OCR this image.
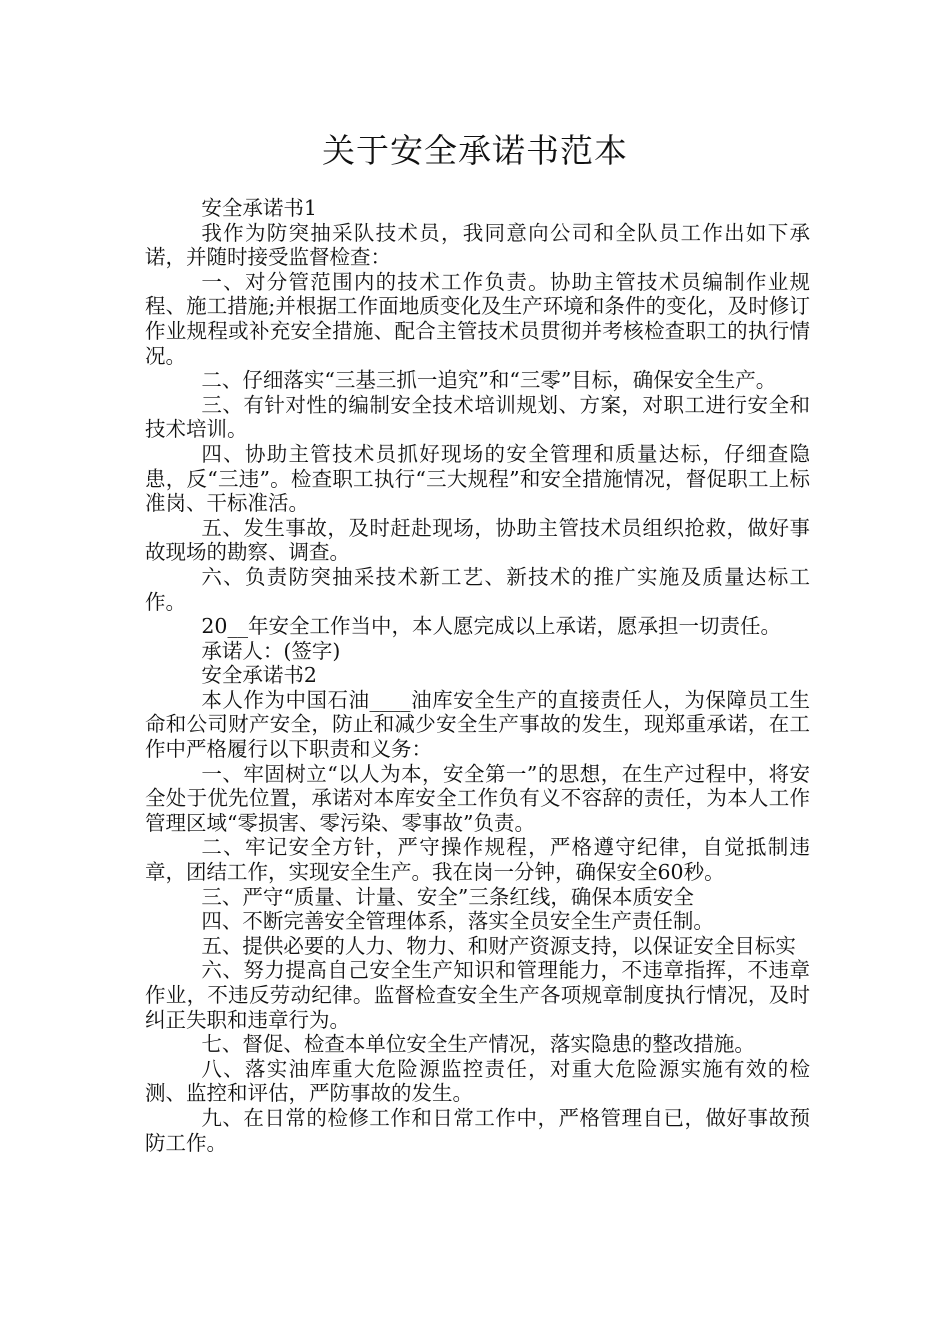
关于安全承诺书范本

安全承诺书1

我作为防突抽采队技术员，我同意向公司和全队员工作出如下承诺，并随时接受监督检查：

一、对分管范围内的技术工作负责。协助主管技术员编制作业规程、施工措施;并根据工作面地质变化及生产环境和条件的变化，及时修订作业规程或补充安全措施、配合主管技术员贯彻并考核检查职工的执行情况。

二、仔细落实“三基三抓一追究”和“三零”目标，确保安全生产。

三、有针对性的编制安全技术培训规划、方案，对职工进行安全和技术培训。

四、协助主管技术员抓好现场的安全管理和质量达标，仔细查隐患，反“三违”。检查职工执行“三大规程”和安全措施情况，督促职工上标准岗、干标准活。

五、发生事故，及时赶赴现场，协助主管技术员组织抢救，做好事故现场的勘察、调查。

六、负责防突抽采技术新工艺、新技术的推广实施及质量达标工作。

20__年安全工作当中，本人愿完成以上承诺，愿承担一切责任。

承诺人：(签字)

安全承诺书2

本人作为中国石油____油库安全生产的直接责任人，为保障员工生命和公司财产安全，防止和减少安全生产事故的发生，现郑重承诺，在工作中严格履行以下职责和义务：

一、牢固树立“以人为本，安全第一”的思想，在生产过程中，将安全处于优先位置，承诺对本库安全工作负有义不容辞的责任，为本人工作管理区域“零损害、零污染、零事故”负责。

二、牢记安全方针，严守操作规程，严格遵守纪律，自觉抵制违章，团结工作，实现安全生产。我在岗一分钟，确保安全60秒。

三、严守“质量、计量、安全”三条红线，确保本质安全

四、不断完善安全管理体系，落实全员安全生产责任制。

五、提供必要的人力、物力、和财产资源支持，以保证安全目标实

六、努力提高自己安全生产知识和管理能力，不违章指挥，不违章作业，不违反劳动纪律。监督检查安全生产各项规章制度执行情况，及时纠正失职和违章行为。

七、督促、检查本单位安全生产情况，落实隐患的整改措施。

八、落实油库重大危险源监控责任，对重大危险源实施有效的检测、监控和评估，严防事故的发生。

九、在日常的检修工作和日常工作中，严格管理自已，做好事故预防工作。
